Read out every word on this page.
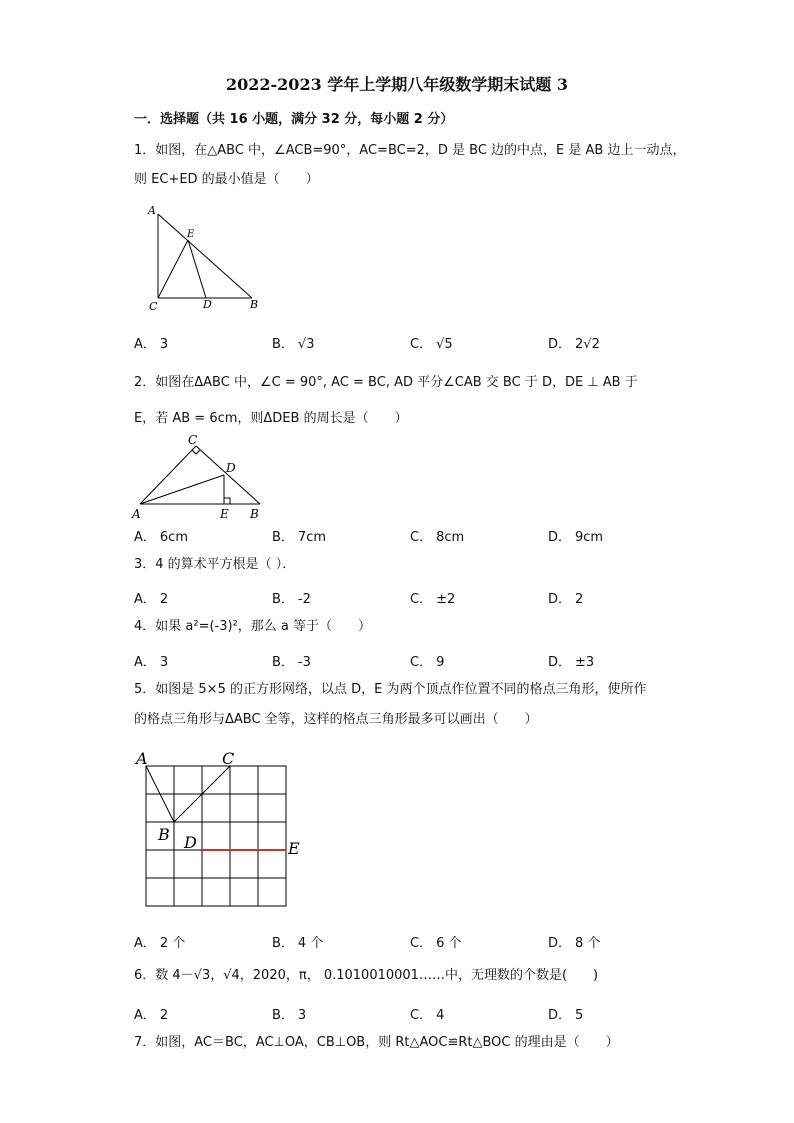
2022-2023 学年上学期八年级数学期末试题 3
一．选择题（共 16 小题，满分 32 分，每小题 2 分）
1．如图，在△ABC 中，∠ACB=90°，AC=BC=2，D 是 BC 边的中点，E 是 AB 边上一动点，
则 EC+ED 的最小值是（　　）
A
E
C	D	B
A． 3	B． √3	C． √5	D． 2√2
2．如图在ΔABC 中，∠C = 90°, AC = BC, AD 平分∠CAB 交 BC 于 D，DE ⊥ AB 于
E，若 AB = 6cm，则ΔDEB 的周长是（　　）
C
D
A	E B
A． 6cm	B． 7cm	C． 8cm	D． 9cm
3．4 的算术平方根是（ ）．
A． 2	B． -2	C． ±2	D． 2
4．如果 a²=(-3)²，那么 a 等于（　　）
A． 3	B． -3	C． 9	D． ±3
5．如图是 5×5 的正方形网络，以点 D，E 为两个顶点作位置不同的格点三角形，使所作
的格点三角形与ΔABC 全等，这样的格点三角形最多可以画出（　　）
A	C
B D	E
A． 2 个	B． 4 个	C． 6 个	D． 8 个
6．数 4－√3，√4，2020，π， 0.1010010001……中，无理数的个数是(　　)
A． 2	B． 3	C． 4	D． 5
7．如图，AC＝BC，AC⊥OA，CB⊥OB，则 Rt△AOC≌Rt△BOC 的理由是（　　）
